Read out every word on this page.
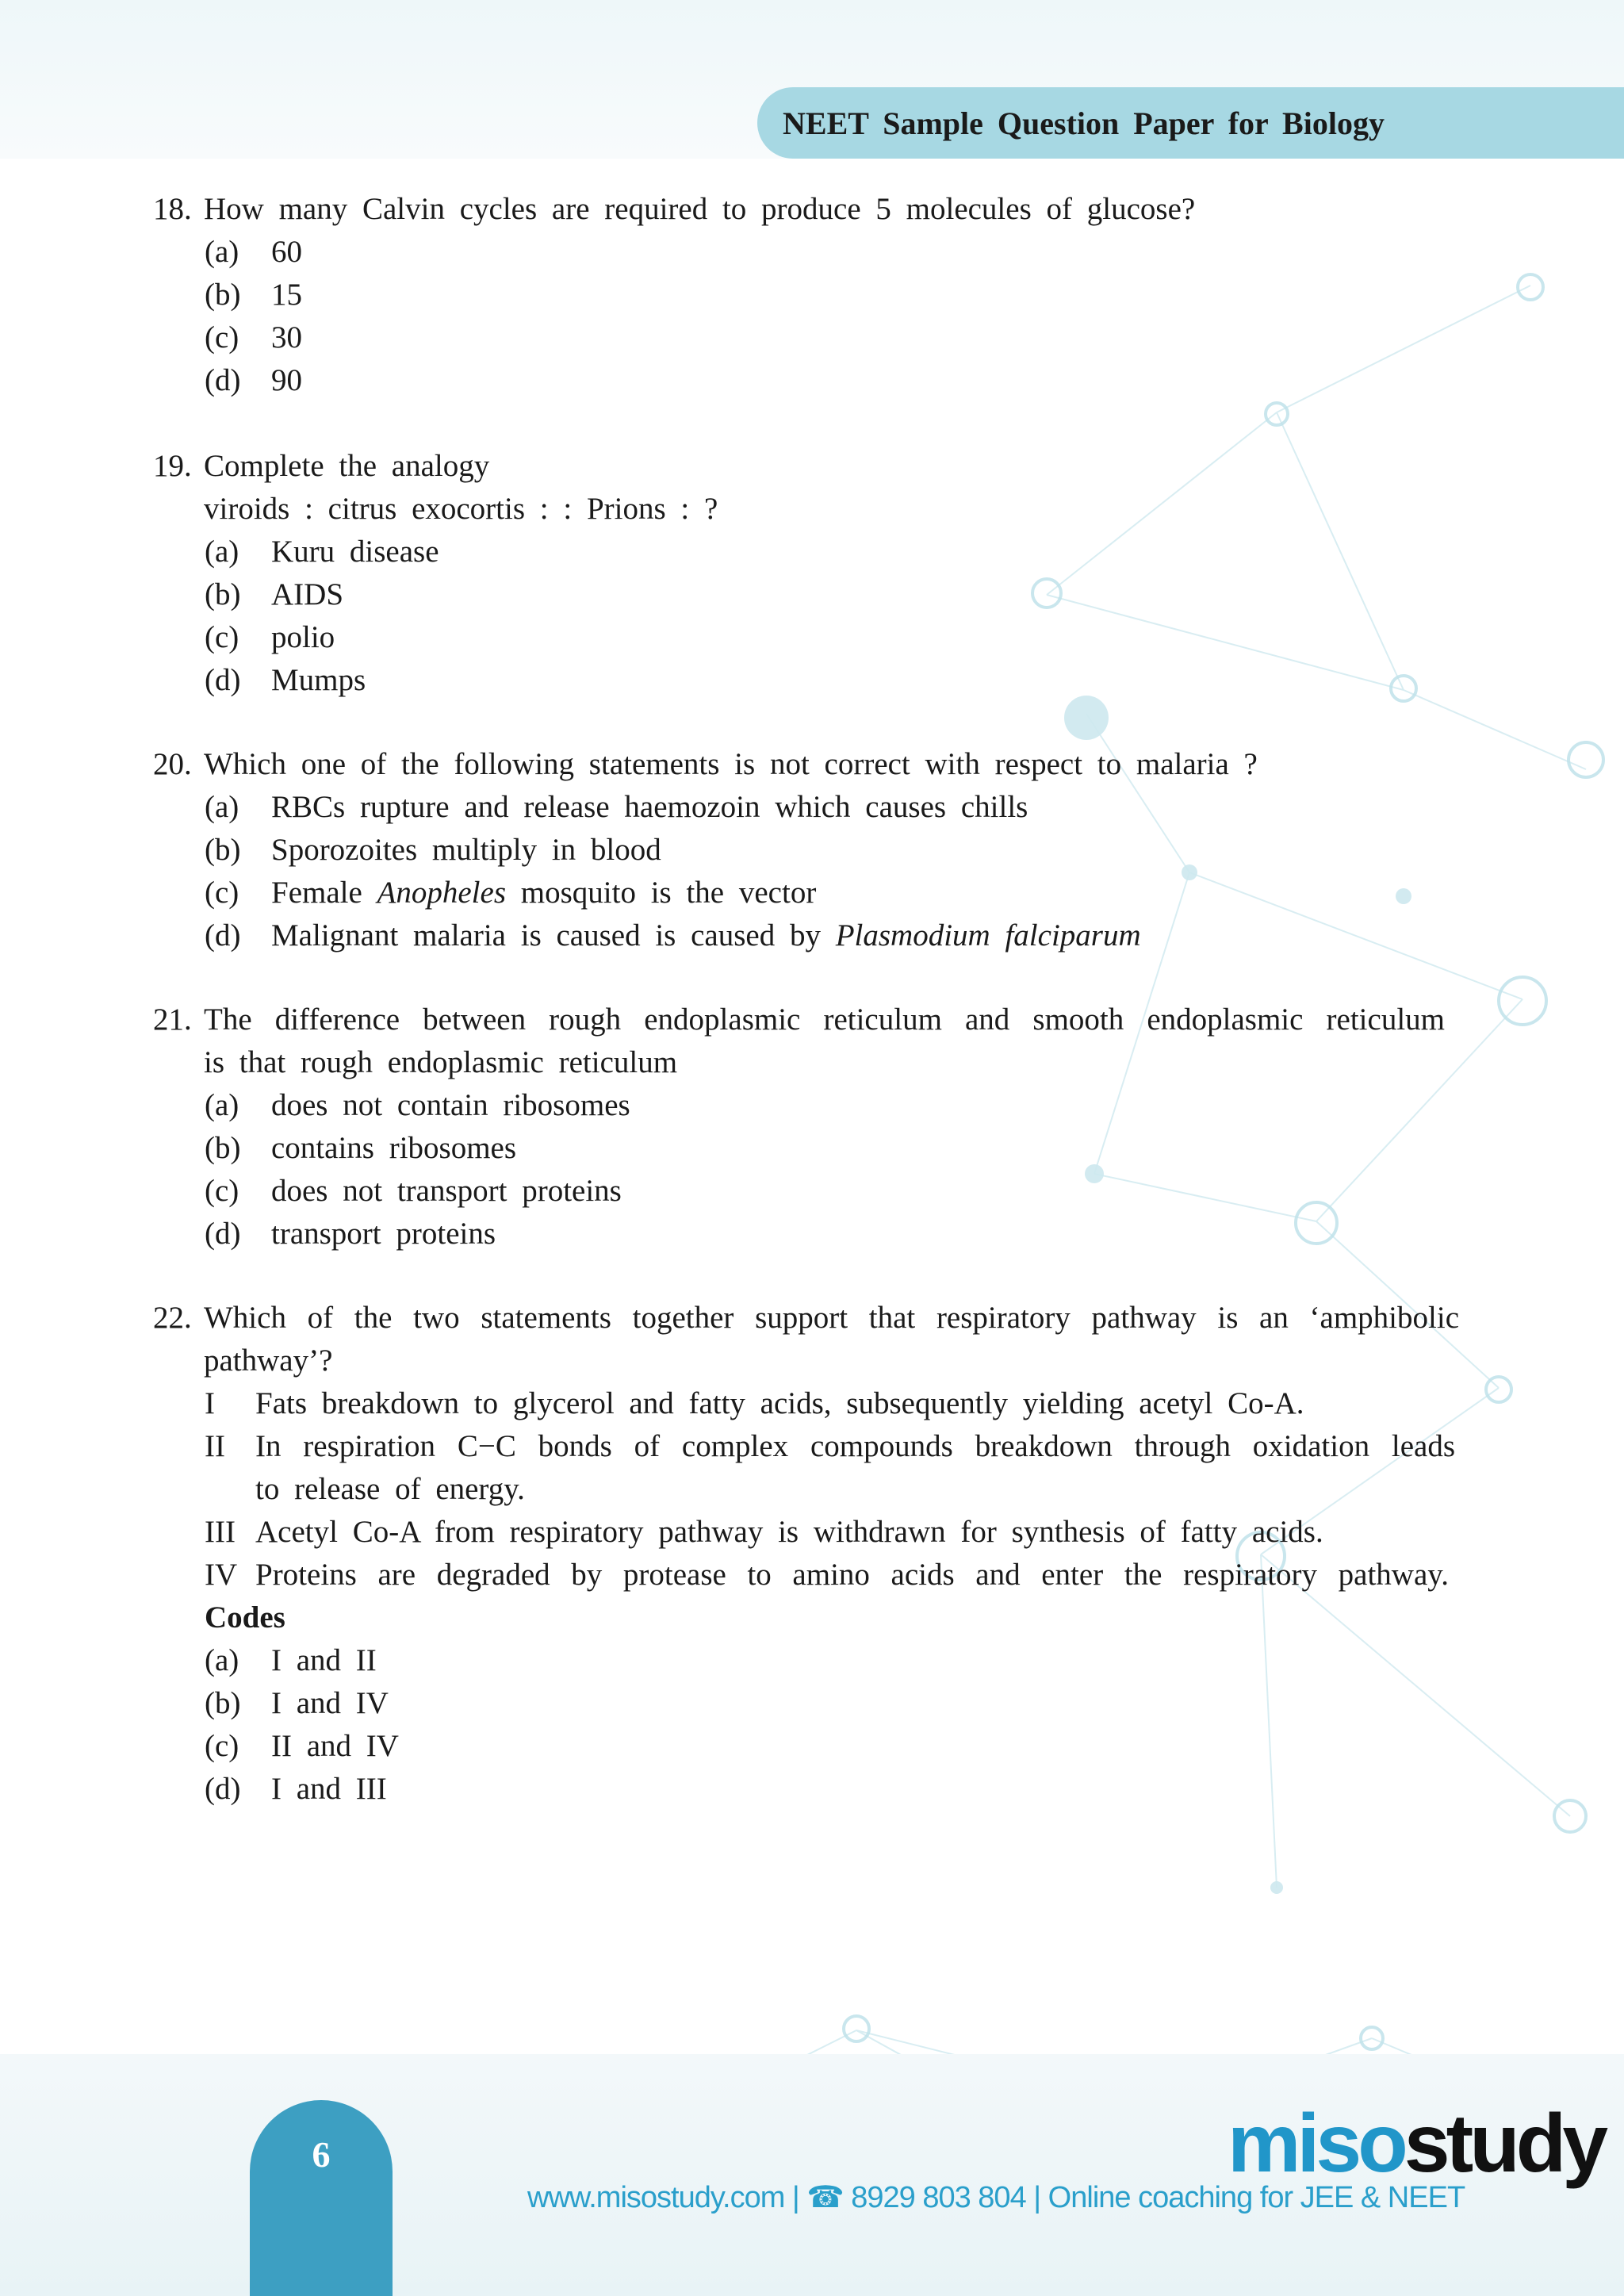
NEET Sample Question Paper for Biology
18. How many Calvin cycles are required to produce 5 molecules of glucose?
(a) 60
(b) 15
(c) 30
(d) 90
19. Complete the analogy
viroids : citrus exocortis : : Prions : ?
(a) Kuru disease
(b) AIDS
(c) polio
(d) Mumps
20. Which one of the following statements is not correct with respect to malaria ?
(a) RBCs rupture and release haemozoin which causes chills
(b) Sporozoites multiply in blood
(c) Female Anopheles mosquito is the vector
(d) Malignant malaria is caused is caused by Plasmodium falciparum
21. The difference between rough endoplasmic reticulum and smooth endoplasmic reticulum
is that rough endoplasmic reticulum
(a) does not contain ribosomes
(b) contains ribosomes
(c) does not transport proteins
(d) transport proteins
22. Which of the two statements together support that respiratory pathway is an ‘amphibolic
pathway’?
I Fats breakdown to glycerol and fatty acids, subsequently yielding acetyl Co-A.
II In respiration C−C bonds of complex compounds breakdown through oxidation leads
to release of energy.
III Acetyl Co-A from respiratory pathway is withdrawn for synthesis of fatty acids.
IV Proteins are degraded by protease to amino acids and enter the respiratory pathway.
Codes
(a) I and II
(b) I and IV
(c) II and IV
(d) I and III
6	misostudy
www.misostudy.com | ☎ 8929 803 804 | Online coaching for JEE & NEET
